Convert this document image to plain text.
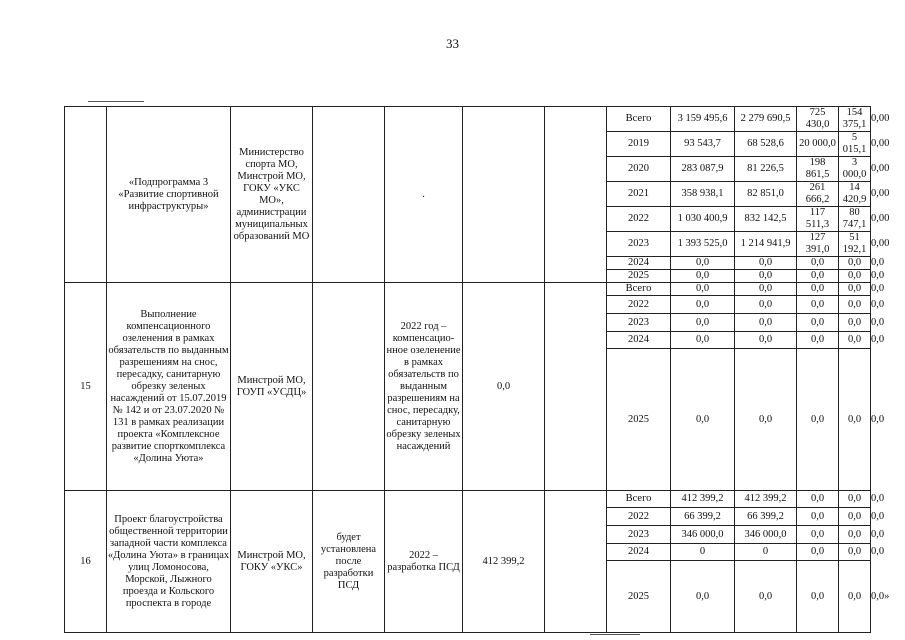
33
	«Подпрограмма 3 «Развитие спортивной инфраструктуры»	Министерство спорта МО, Минстрой МО, ГОКУ «УКС МО», администрации муниципальных образований МО		.			Всего	3 159 495,6	2 279 690,5	725 430,0	154 375,1	0,00
							2019	93 543,7	68 528,6	20 000,0	5 015,1	0,00
							2020	283 087,9	81 226,5	198 861,5	3 000,0	0,00
							2021	358 938,1	82 851,0	261 666,2	14 420,9	0,00
							2022	1 030 400,9	832 142,5	117 511,3	80 747,1	0,00
							2023	1 393 525,0	1 214 941,9	127 391,0	51 192,1	0,00
							2024	0,0	0,0	0,0	0,0	0,0
							2025	0,0	0,0	0,0	0,0	0,0
15	Выполнение компенсационного озеленения в рамках обязательств по выданным разрешениям на снос, пересадку, санитарную обрезку зеленых насаждений от 15.07.2019 № 142 и от 23.07.2020 № 131 в рамках реализации проекта «Комплексное развитие спорткомплекса «Долина Уюта»	Минстрой МО, ГОУП «УСДЦ»		2022 год – компенсацио-нное озеленение в рамках обязательств по выданным разрешениям на снос, пересадку, санитарную обрезку зеленых насаждений	0,0		Всего	0,0	0,0	0,0	0,0	0,0
							2022	0,0	0,0	0,0	0,0	0,0
							2023	0,0	0,0	0,0	0,0	0,0
							2024	0,0	0,0	0,0	0,0	0,0
							2025	0,0	0,0	0,0	0,0	0,0
16	Проект благоустройства общественной территории западной части комплекса «Долина Уюта» в границах улиц Ломоносова, Морской, Лыжного проезда и Кольского проспекта в городе	Минстрой МО, ГОКУ «УКС»	будет установлена после разработки ПСД	2022 – разработка ПСД	412 399,2		Всего	412 399,2	412 399,2	0,0	0,0	0,0
							2022	66 399,2	66 399,2	0,0	0,0	0,0
							2023	346 000,0	346 000,0	0,0	0,0	0,0
							2024	0	0	0,0	0,0	0,0
							2025	0,0	0,0	0,0	0,0	0,0»
